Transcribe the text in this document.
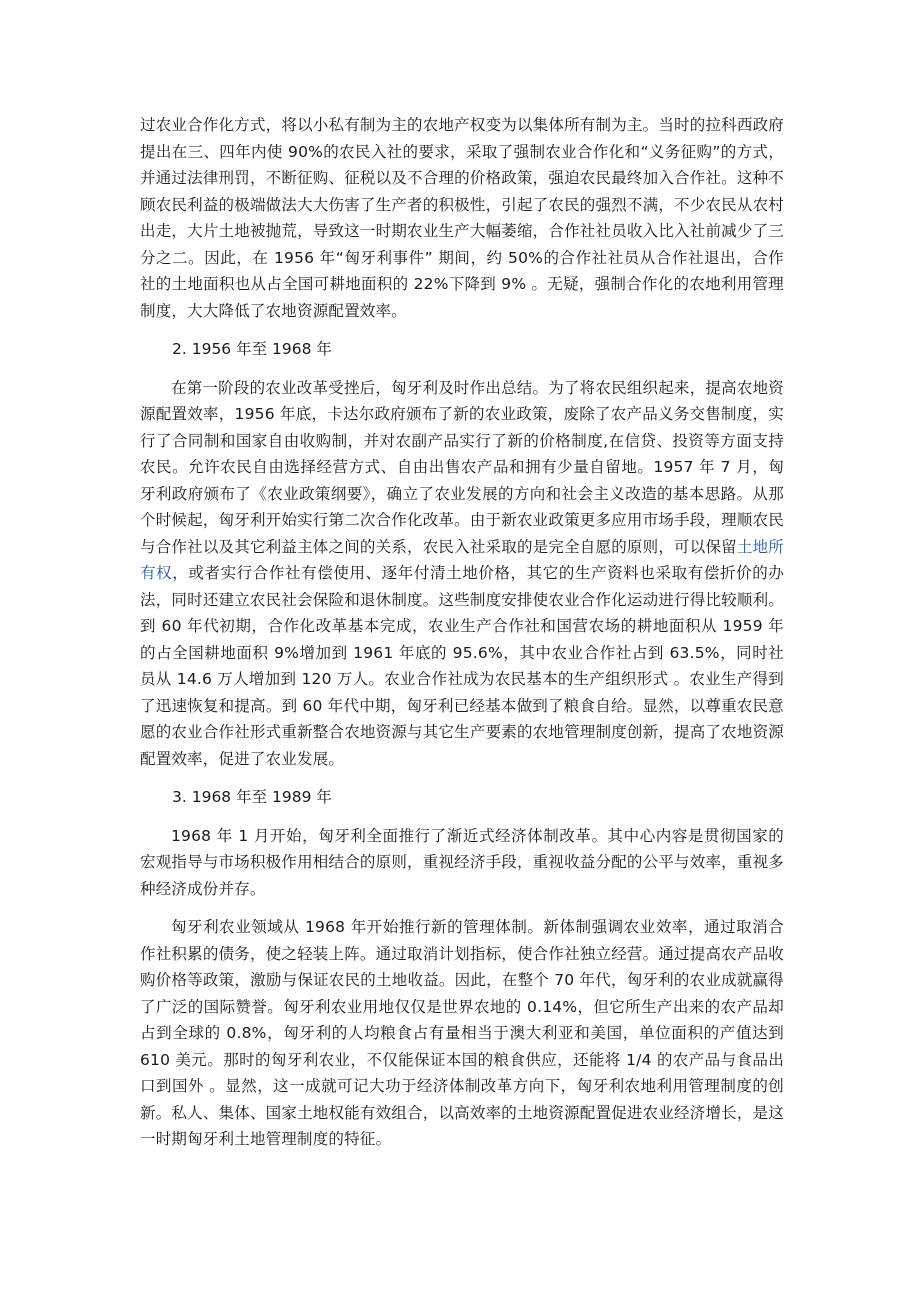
过农业合作化方式，将以小私有制为主的农地产权变为以集体所有制为主。当时的拉科西政府提出在三、四年内使 90%的农民入社的要求，采取了强制农业合作化和“义务征购”的方式，并通过法律刑罚，不断征购、征税以及不合理的价格政策，强迫农民最终加入合作社。这种不顾农民利益的极端做法大大伤害了生产者的积极性，引起了农民的强烈不满，不少农民从农村出走，大片土地被抛荒，导致这一时期农业生产大幅萎缩，合作社社员收入比入社前减少了三分之二。因此，在 1956 年“匈牙利事件” 期间，约 50%的合作社社员从合作社退出，合作社的土地面积也从占全国可耕地面积的 22%下降到 9% 。无疑，强制合作化的农地利用管理制度，大大降低了农地资源配置效率。

2. 1956 年至 1968 年

在第一阶段的农业改革受挫后，匈牙利及时作出总结。为了将农民组织起来，提高农地资源配置效率，1956 年底，卡达尔政府颁布了新的农业政策，废除了农产品义务交售制度，实行了合同制和国家自由收购制，并对农副产品实行了新的价格制度,在信贷、投资等方面支持农民。允许农民自由选择经营方式、自由出售农产品和拥有少量自留地。1957 年 7 月，匈牙利政府颁布了《农业政策纲要》，确立了农业发展的方向和社会主义改造的基本思路。从那个时候起，匈牙利开始实行第二次合作化改革。由于新农业政策更多应用市场手段，理顺农民与合作社以及其它利益主体之间的关系，农民入社采取的是完全自愿的原则，可以保留土地所有权，或者实行合作社有偿使用、逐年付清土地价格，其它的生产资料也采取有偿折价的办法，同时还建立农民社会保险和退休制度。这些制度安排使农业合作化运动进行得比较顺利。到 60 年代初期，合作化改革基本完成，农业生产合作社和国营农场的耕地面积从 1959 年的占全国耕地面积 9%增加到 1961 年底的 95.6%，其中农业合作社占到 63.5%，同时社员从 14.6 万人增加到 120 万人。农业合作社成为农民基本的生产组织形式 。农业生产得到了迅速恢复和提高。到 60 年代中期，匈牙利已经基本做到了粮食自给。显然，以尊重农民意愿的农业合作社形式重新整合农地资源与其它生产要素的农地管理制度创新，提高了农地资源配置效率，促进了农业发展。

3. 1968 年至 1989 年

1968 年 1 月开始，匈牙利全面推行了渐近式经济体制改革。其中心内容是贯彻国家的宏观指导与市场积极作用相结合的原则，重视经济手段，重视收益分配的公平与效率，重视多种经济成份并存。

匈牙利农业领域从 1968 年开始推行新的管理体制。新体制强调农业效率，通过取消合作社积累的债务，使之轻装上阵。通过取消计划指标，使合作社独立经营。通过提高农产品收购价格等政策，激励与保证农民的土地收益。因此，在整个 70 年代，匈牙利的农业成就赢得了广泛的国际赞誉。匈牙利农业用地仅仅是世界农地的 0.14%，但它所生产出来的农产品却占到全球的 0.8%，匈牙利的人均粮食占有量相当于澳大利亚和美国，单位面积的产值达到 610 美元。那时的匈牙利农业，不仅能保证本国的粮食供应，还能将 1/4 的农产品与食品出口到国外 。显然，这一成就可记大功于经济体制改革方向下，匈牙利农地利用管理制度的创新。私人、集体、国家土地权能有效组合，以高效率的土地资源配置促进农业经济增长，是这一时期匈牙利土地管理制度的特征。
